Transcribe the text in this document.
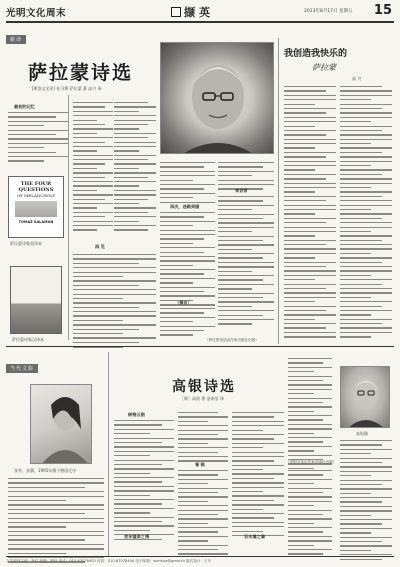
光明文化周末	撷英	2013年8月17日 星期五 15
新译
萨拉蒙诗选
[斯洛文尼亚] 托马斯·萨拉蒙 著 高兴 译
最初的记忆
THE FOUR
QUESTIONS
OF MELANCHOLY
TOMAŽ ŠALAMUN
萨拉蒙诗集英译本
萨拉蒙诗集汉译本
再 见
再次，迷路到腊
（摘自）
来访者
（萨拉蒙诗选由作家出版社出版）
我创造我快乐的
萨拉蒙
高 兴
当代文影
张枣、张翼、1995年摄于德国宅中
高银诗选
［韩］高银 著 金泰莹 译
树格云图
宫东墟原之情
看 眼
石头墙之墙
（高银诗选由作家出版社出版）
高银像
文艺副刊主编：李红 编辑：程伟 电话：010-67078403 传真：010-67078444 电子邮箱：wenhua@gmw.cn 版式设计：王冬
